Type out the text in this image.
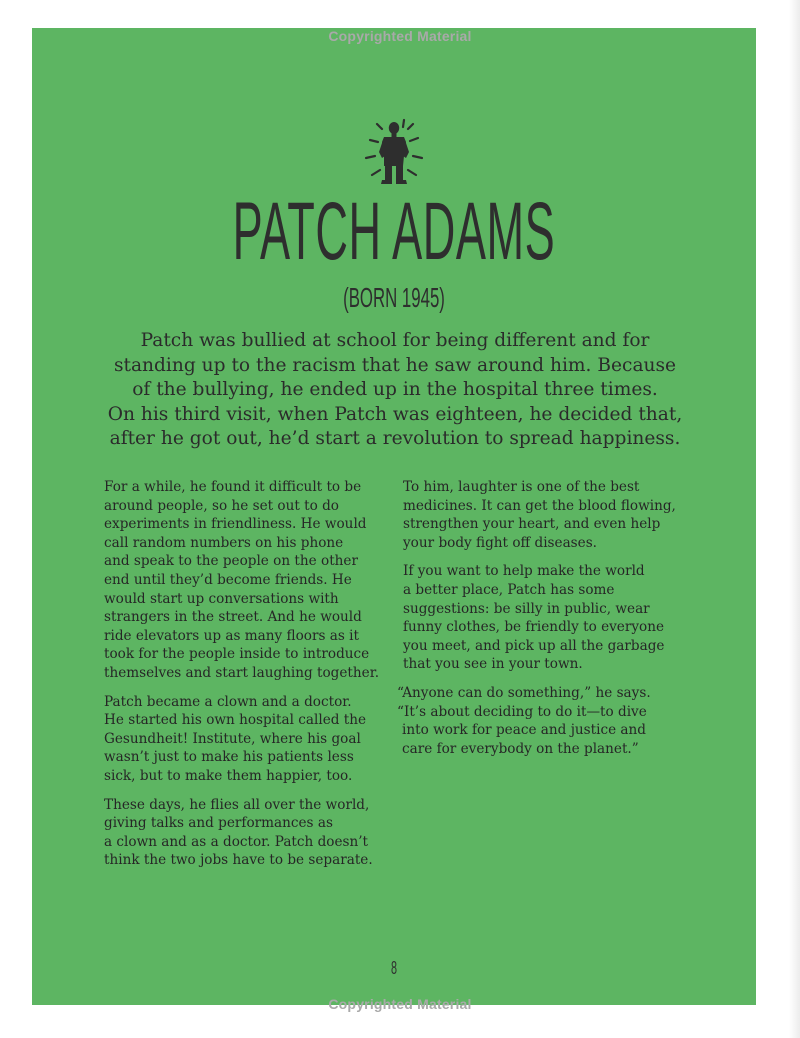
Copyrighted Material
PATCH ADAMS
(BORN 1945)
Patch was bullied at school for being different and for
standing up to the racism that he saw around him. Because
of the bullying, he ended up in the hospital three times.
On his third visit, when Patch was eighteen, he decided that,
after he got out, he’d start a revolution to spread happiness.

For a while, he found it difficult to be
around people, so he set out to do
experiments in friendliness. He would
call random numbers on his phone
and speak to the people on the other
end until they’d become friends. He
would start up conversations with
strangers in the street. And he would
ride elevators up as many floors as it
took for the people inside to introduce
themselves and start laughing together.

Patch became a clown and a doctor.
He started his own hospital called the
Gesundheit! Institute, where his goal
wasn’t just to make his patients less
sick, but to make them happier, too.

These days, he flies all over the world,
giving talks and performances as
a clown and as a doctor. Patch doesn’t
think the two jobs have to be separate.

To him, laughter is one of the best
medicines. It can get the blood flowing,
strengthen your heart, and even help
your body fight off diseases.

If you want to help make the world
a better place, Patch has some
suggestions: be silly in public, wear
funny clothes, be friendly to everyone
you meet, and pick up all the garbage
that you see in your town.

“Anyone can do something,” he says.
“It’s about deciding to do it—to dive
into work for peace and justice and
care for everybody on the planet.”

8
Copyrighted Material
